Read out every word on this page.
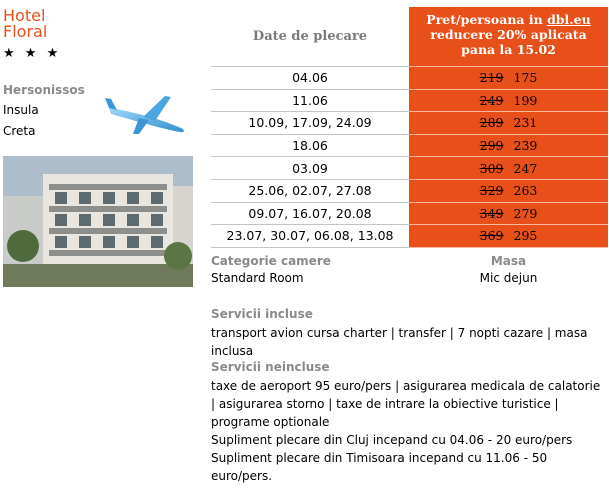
Hotel
Floral
★ ★ ★
Hersonissos
Insula
Creta
Date de plecare
Pret/persoana in dbl.eu
reducere 20% aplicata
pana la 15.02
04.06	219 175
11.06	249 199
10.09, 17.09, 24.09	289 231
18.06	299 239
03.09	309 247
25.06, 02.07, 27.08	329 263
09.07, 16.07, 20.08	349 279
23.07, 30.07, 06.08, 13.08	369 295
Categorie camere	Masa
Standard Room	Mic dejun
Servicii incluse
transport avion cursa charter | transfer | 7 nopti cazare | masa inclusa
Servicii neincluse
taxe de aeroport 95 euro/pers | asigurarea medicala de calatorie | asigurarea storno | taxe de intrare la obiective turistice | programe optionale
Supliment plecare din Cluj incepand cu 04.06 - 20 euro/pers
Supliment plecare din Timisoara incepand cu 11.06 - 50 euro/pers.
